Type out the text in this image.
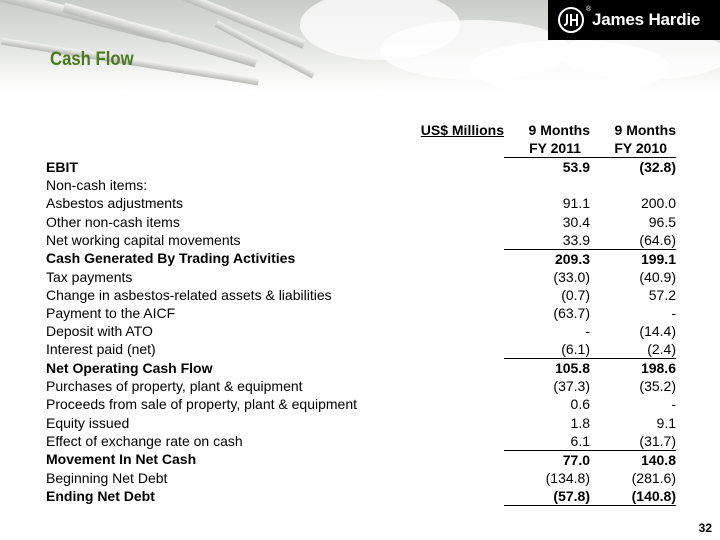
®
James Hardie
Cash Flow
US$ Millions	9 Months	9 Months
	FY 2011	FY 2010
EBIT	53.9	(32.8)
Non-cash items:		
Asbestos adjustments	91.1	200.0
Other non-cash items	30.4	96.5
Net working capital movements	33.9	(64.6)
Cash Generated By Trading Activities	209.3	199.1
Tax payments	(33.0)	(40.9)
Change in asbestos-related assets & liabilities	(0.7)	57.2
Payment to the AICF	(63.7)	-
Deposit with ATO	-	(14.4)
Interest paid (net)	(6.1)	(2.4)
Net Operating Cash Flow	105.8	198.6
Purchases of property, plant & equipment	(37.3)	(35.2)
Proceeds from sale of property, plant & equipment	0.6	-
Equity issued	1.8	9.1
Effect of exchange rate on cash	6.1	(31.7)
Movement In Net Cash	77.0	140.8
Beginning Net Debt	(134.8)	(281.6)
Ending Net Debt	(57.8)	(140.8)
32
